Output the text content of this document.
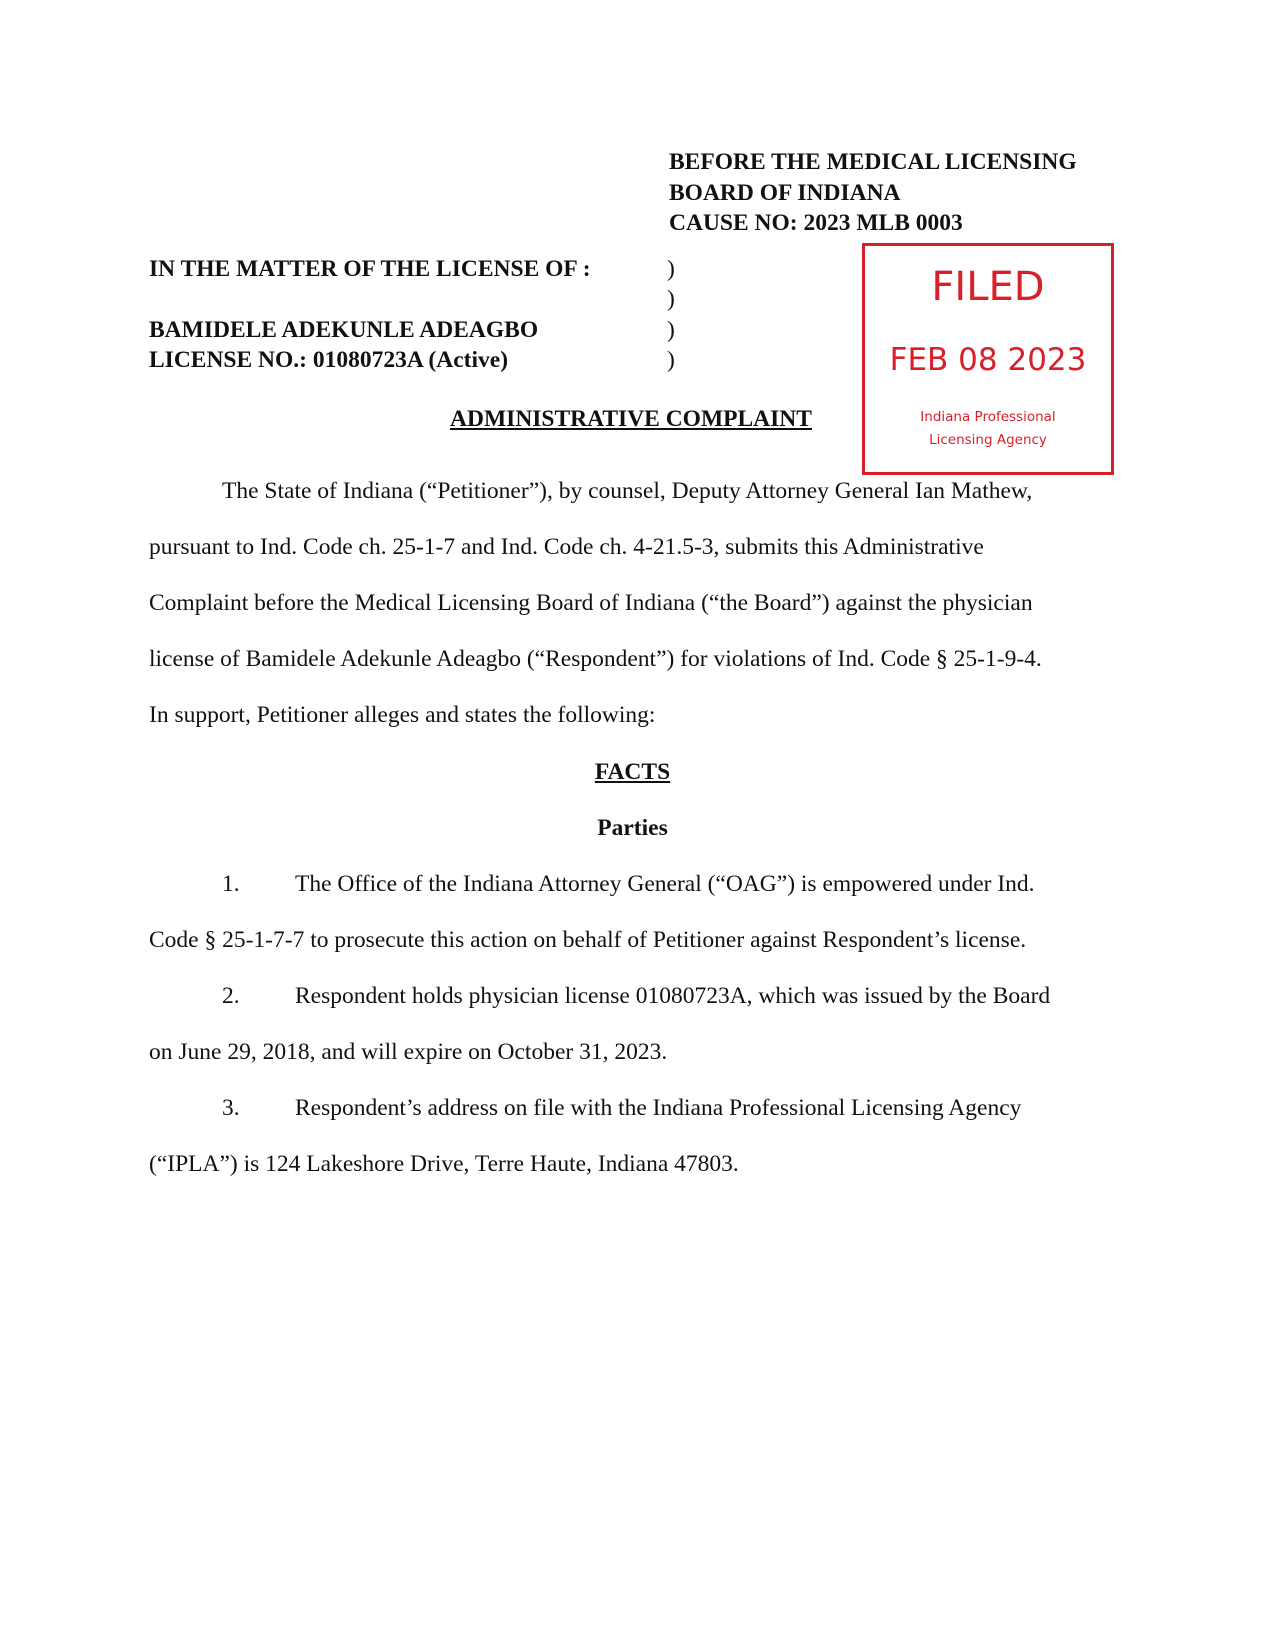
BEFORE THE MEDICAL LICENSING
BOARD OF INDIANA
CAUSE NO: 2023 MLB 0003
IN THE MATTER OF THE LICENSE OF :
BAMIDELE ADEKUNLE ADEAGBO
LICENSE NO.: 01080723A (Active)
)
)
)
)
FILED
FEB 08 2023
Indiana Professional
Licensing Agency
ADMINISTRATIVE COMPLAINT
The State of Indiana (“Petitioner”), by counsel, Deputy Attorney General Ian Mathew,
pursuant to Ind. Code ch. 25-1-7 and Ind. Code ch. 4-21.5-3, submits this Administrative
Complaint before the Medical Licensing Board of Indiana (“the Board”) against the physician
license of Bamidele Adekunle Adeagbo (“Respondent”) for violations of Ind. Code § 25-1-9-4.
In support, Petitioner alleges and states the following:
FACTS
Parties
1. The Office of the Indiana Attorney General (“OAG”) is empowered under Ind.
Code § 25-1-7-7 to prosecute this action on behalf of Petitioner against Respondent’s license.
2. Respondent holds physician license 01080723A, which was issued by the Board
on June 29, 2018, and will expire on October 31, 2023.
3. Respondent’s address on file with the Indiana Professional Licensing Agency
(“IPLA”) is 124 Lakeshore Drive, Terre Haute, Indiana 47803.
